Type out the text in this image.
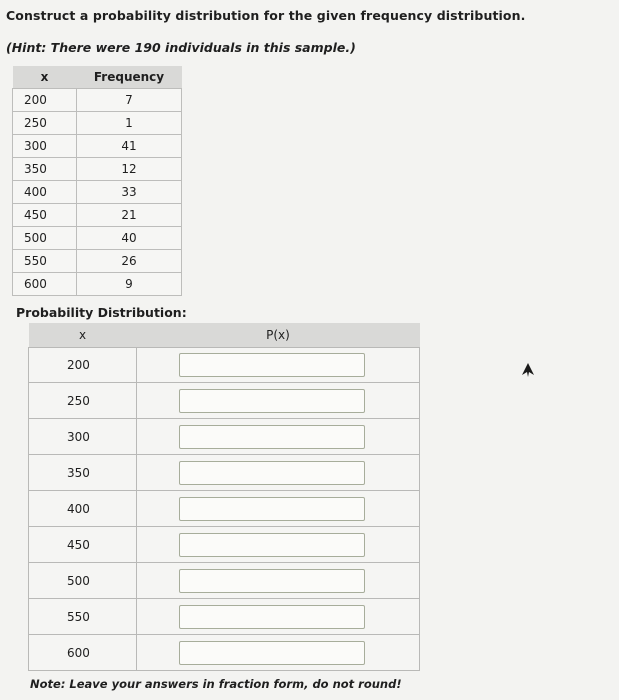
Construct a probability distribution for the given frequency distribution.
(Hint: There were 190 individuals in this sample.)
x	Frequency
200	7
250	1
300	41
350	12
400	33
450	21
500	40
550	26
600	9
Probability Distribution:
x	P(x)
200	

250	

300	

350	

400	

450	

500	

550	

600	
Note: Leave your answers in fraction form, do not round!
